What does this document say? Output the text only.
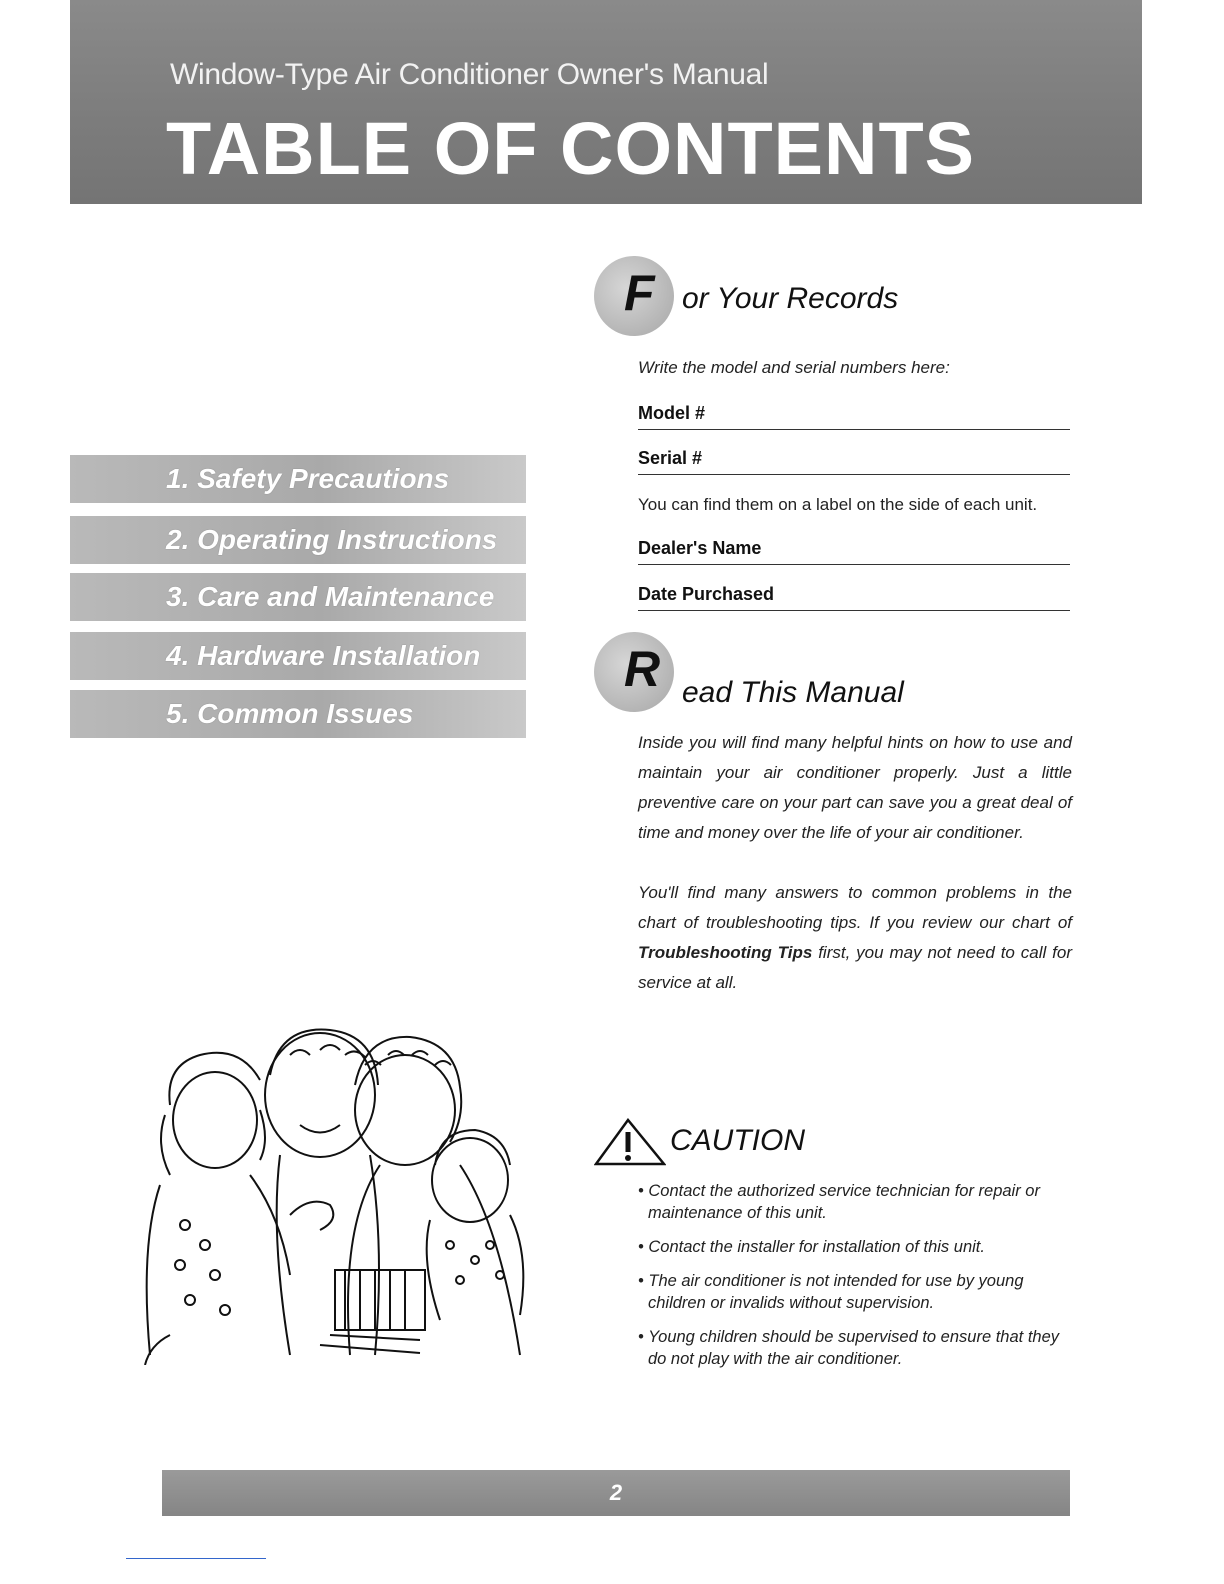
Window-Type Air Conditioner Owner's Manual
TABLE OF CONTENTS
1. Safety Precautions
2. Operating Instructions
3. Care and Maintenance
4. Hardware Installation
5. Common Issues
F or Your Records
Write the model and serial numbers here:
Model #
Serial #
You can find them on a label on the side of each unit.
Dealer's Name
Date Purchased
R ead This Manual
Inside you will find many helpful hints on how to use and maintain your air conditioner properly. Just a little preventive care on your part can save you a great deal of time and money over the life of your air conditioner.
You'll find many answers to common problems in the chart of troubleshooting tips. If you review our chart of Troubleshooting Tips first, you may not need to call for service at all.
CAUTION
• Contact the authorized service technician for repair or maintenance of this unit.
• Contact the installer for installation of this unit.
• The air conditioner is not intended for use by young children or invalids without supervision.
• Young children should be supervised to ensure that they do not play with the air conditioner.
2
